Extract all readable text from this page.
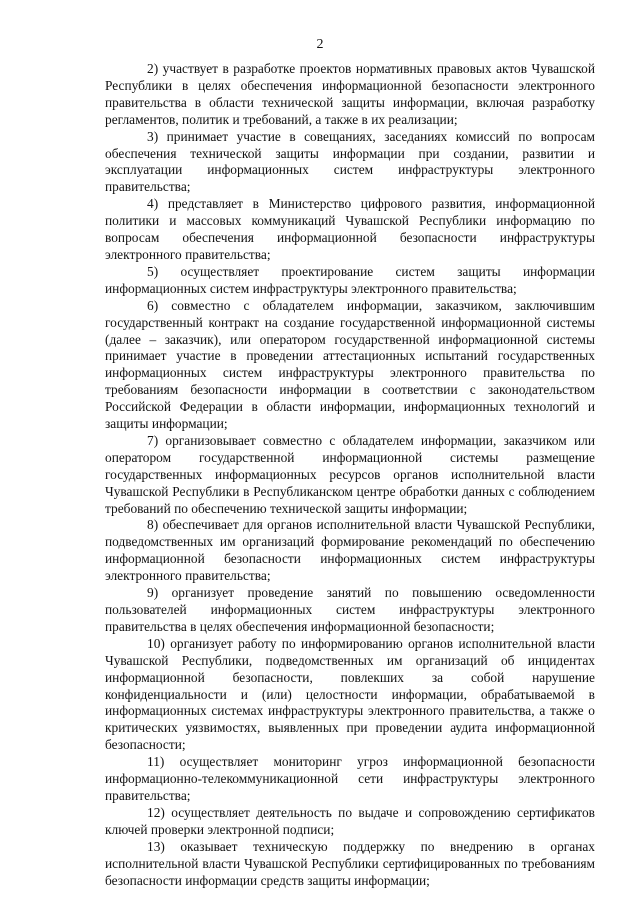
2

2) участвует в разработке проектов нормативных правовых актов Чувашской Республики в целях обеспечения информационной безопасности электронного правительства в области технической защиты информации, включая разработку регламентов, политик и требований, а также в их реализации;

3) принимает участие в совещаниях, заседаниях комиссий по вопросам обеспечения технической защиты информации при создании, развитии и эксплуатации информационных систем инфраструктуры электронного правительства;

4) представляет в Министерство цифрового развития, информационной политики и массовых коммуникаций Чувашской Республики информацию по вопросам обеспечения информационной безопасности инфраструктуры электронного правительства;

5) осуществляет проектирование систем защиты информации информационных систем инфраструктуры электронного правительства;

6) совместно с обладателем информации, заказчиком, заключившим государственный контракт на создание государственной информационной системы (далее – заказчик), или оператором государственной информационной системы принимает участие в проведении аттестационных испытаний государственных информационных систем инфраструктуры электронного правительства по требованиям безопасности информации в соответствии с законодательством Российской Федерации в области информации, информационных технологий и защиты информации;

7) организовывает совместно с обладателем информации, заказчиком или оператором государственной информационной системы размещение государственных информационных ресурсов органов исполнительной власти Чувашской Республики в Республиканском центре обработки данных с соблюдением требований по обеспечению технической защиты информации;

8) обеспечивает для органов исполнительной власти Чувашской Республики, подведомственных им организаций формирование рекомендаций по обеспечению информационной безопасности информационных систем инфраструктуры электронного правительства;

9) организует проведение занятий по повышению осведомленности пользователей информационных систем инфраструктуры электронного правительства в целях обеспечения информационной безопасности;

10) организует работу по информированию органов исполнительной власти Чувашской Республики, подведомственных им организаций об инцидентах информационной безопасности, повлекших за собой нарушение конфиденциальности и (или) целостности информации, обрабатываемой в информационных системах инфраструктуры электронного правительства, а также о критических уязвимостях, выявленных при проведении аудита информационной безопасности;

11) осуществляет мониторинг угроз информационной безопасности информационно-телекоммуникационной сети инфраструктуры электронного правительства;

12) осуществляет деятельность по выдаче и сопровождению сертификатов ключей проверки электронной подписи;

13) оказывает техническую поддержку по внедрению в органах исполнительной власти Чувашской Республики сертифицированных по требованиям безопасности информации средств защиты информации;
